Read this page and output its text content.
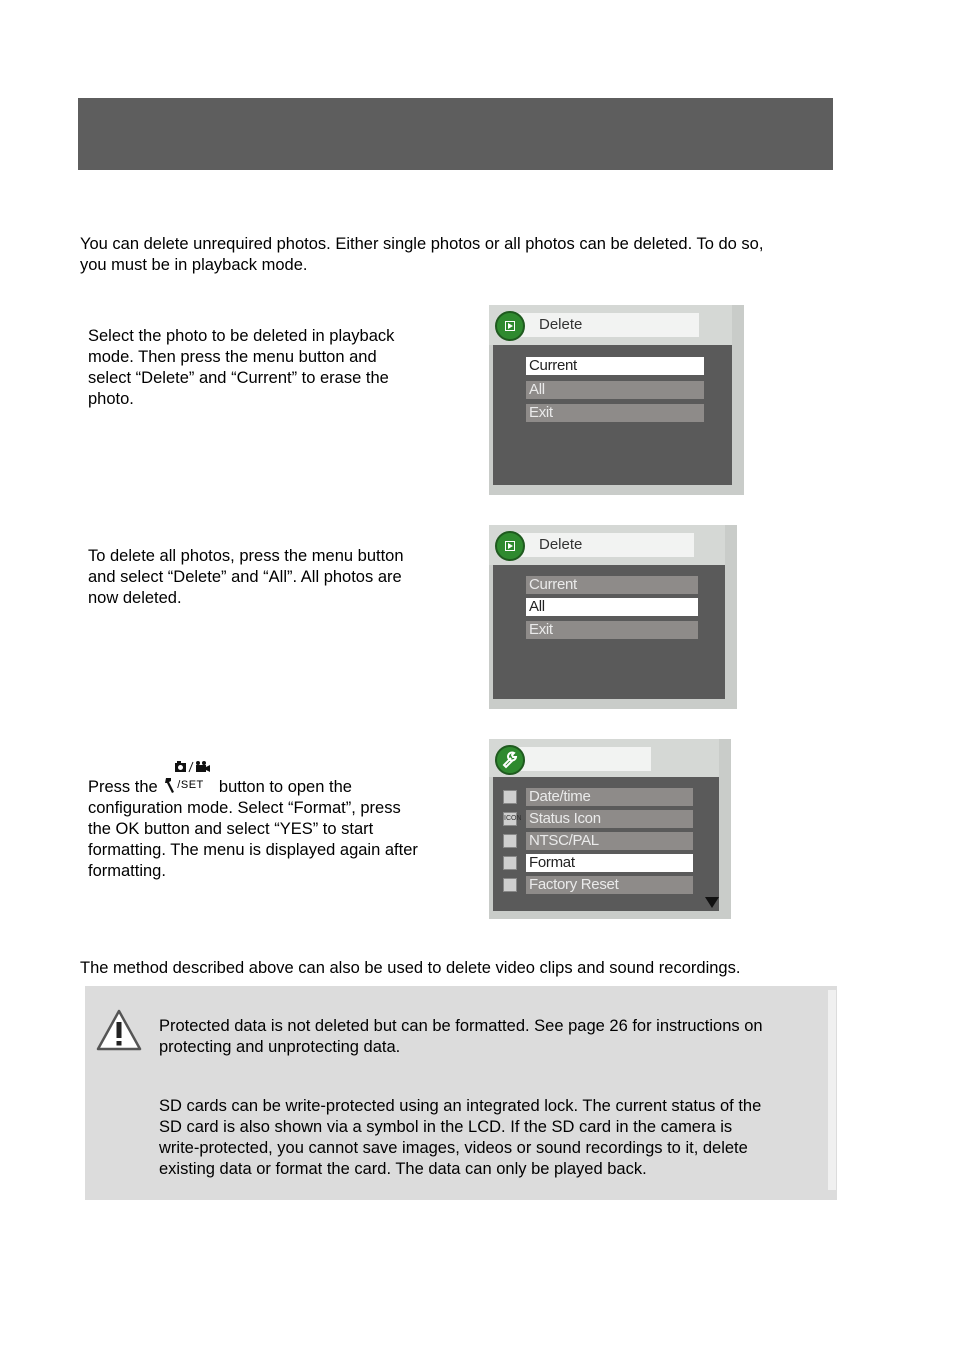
You can delete unrequired photos. Either single photos or all photos can be deleted. To do so,
you must be in playback mode.
Select the photo to be deleted in playback
mode. Then press the menu button and
select “Delete” and “Current” to erase the
photo.
Delete
Current
All
Exit
To delete all photos, press the menu button
and select “Delete” and “All”. All photos are
now deleted.
Delete
Current
All
Exit
Press the /SET button to open the
configuration mode. Select “Format”, press
the OK button and select “YES” to start
formatting. The menu is displayed again after
formatting.
Date/time
ICON Status Icon
NTSC/PAL
Format
Factory Reset
The method described above can also be used to delete video clips and sound recordings.
Protected data is not deleted but can be formatted. See page 26 for instructions on
protecting and unprotecting data.
SD cards can be write-protected using an integrated lock. The current status of the
SD card is also shown via a symbol in the LCD. If the SD card in the camera is
write-protected, you cannot save images, videos or sound recordings to it, delete
existing data or format the card. The data can only be played back.
